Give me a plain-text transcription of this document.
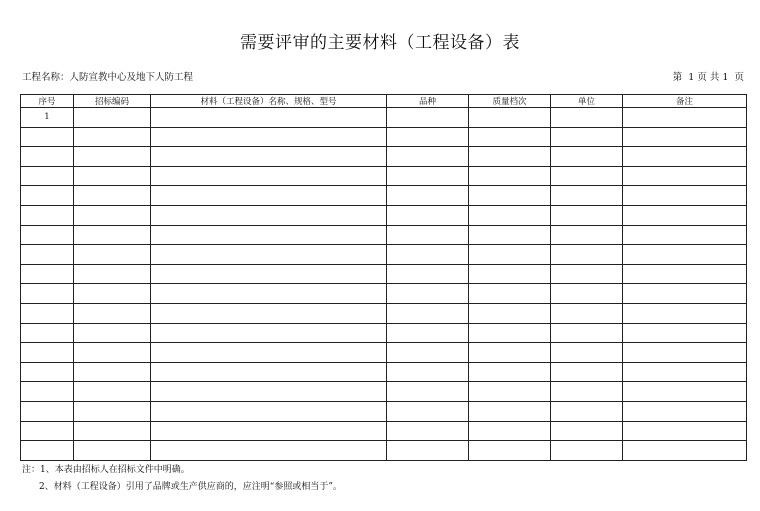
需要评审的主要材料（工程设备）表
工程名称：人防宣教中心及地下人防工程	第  1 页 共 1  页
序号	招标编码	材料（工程设备）名称、规格、型号	品种	质量档次	单位	备注
1						

注：1、本表由招标人在招标文件中明确。
2、材料（工程设备）引用了品牌或生产供应商的，应注明“参照或相当于”。
